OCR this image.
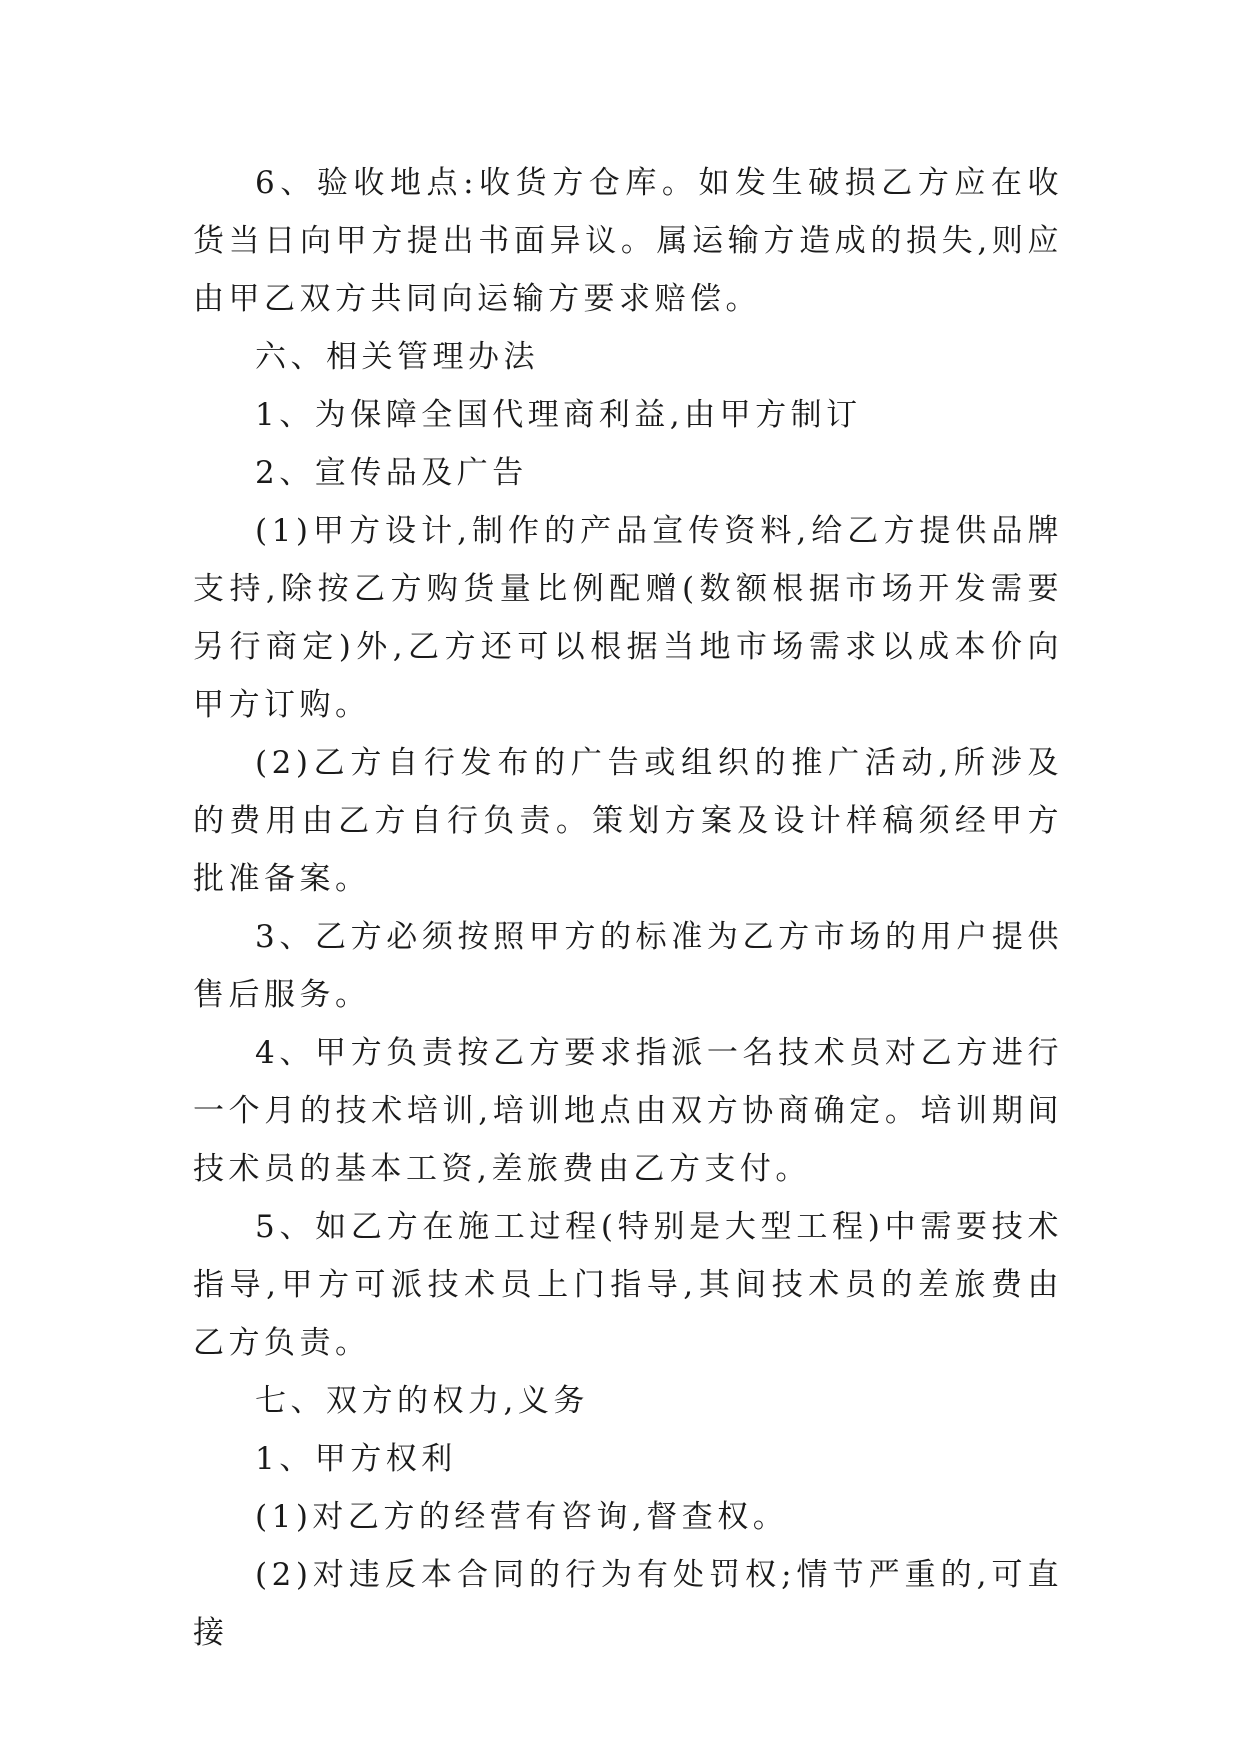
6、验收地点:收货方仓库。如发生破损乙方应在收货当日向甲方提出书面异议。属运输方造成的损失,则应由甲乙双方共同向运输方要求赔偿。

六、相关管理办法

1、为保障全国代理商利益,由甲方制订

2、宣传品及广告

(1)甲方设计,制作的产品宣传资料,给乙方提供品牌支持,除按乙方购货量比例配赠(数额根据市场开发需要另行商定)外,乙方还可以根据当地市场需求以成本价向甲方订购。

(2)乙方自行发布的广告或组织的推广活动,所涉及的费用由乙方自行负责。策划方案及设计样稿须经甲方批准备案。

3、乙方必须按照甲方的标准为乙方市场的用户提供售后服务。

4、甲方负责按乙方要求指派一名技术员对乙方进行一个月的技术培训,培训地点由双方协商确定。培训期间技术员的基本工资,差旅费由乙方支付。

5、如乙方在施工过程(特别是大型工程)中需要技术指导,甲方可派技术员上门指导,其间技术员的差旅费由乙方负责。

七、双方的权力,义务

1、甲方权利

(1)对乙方的经营有咨询,督查权。

(2)对违反本合同的行为有处罚权;情节严重的,可直接
